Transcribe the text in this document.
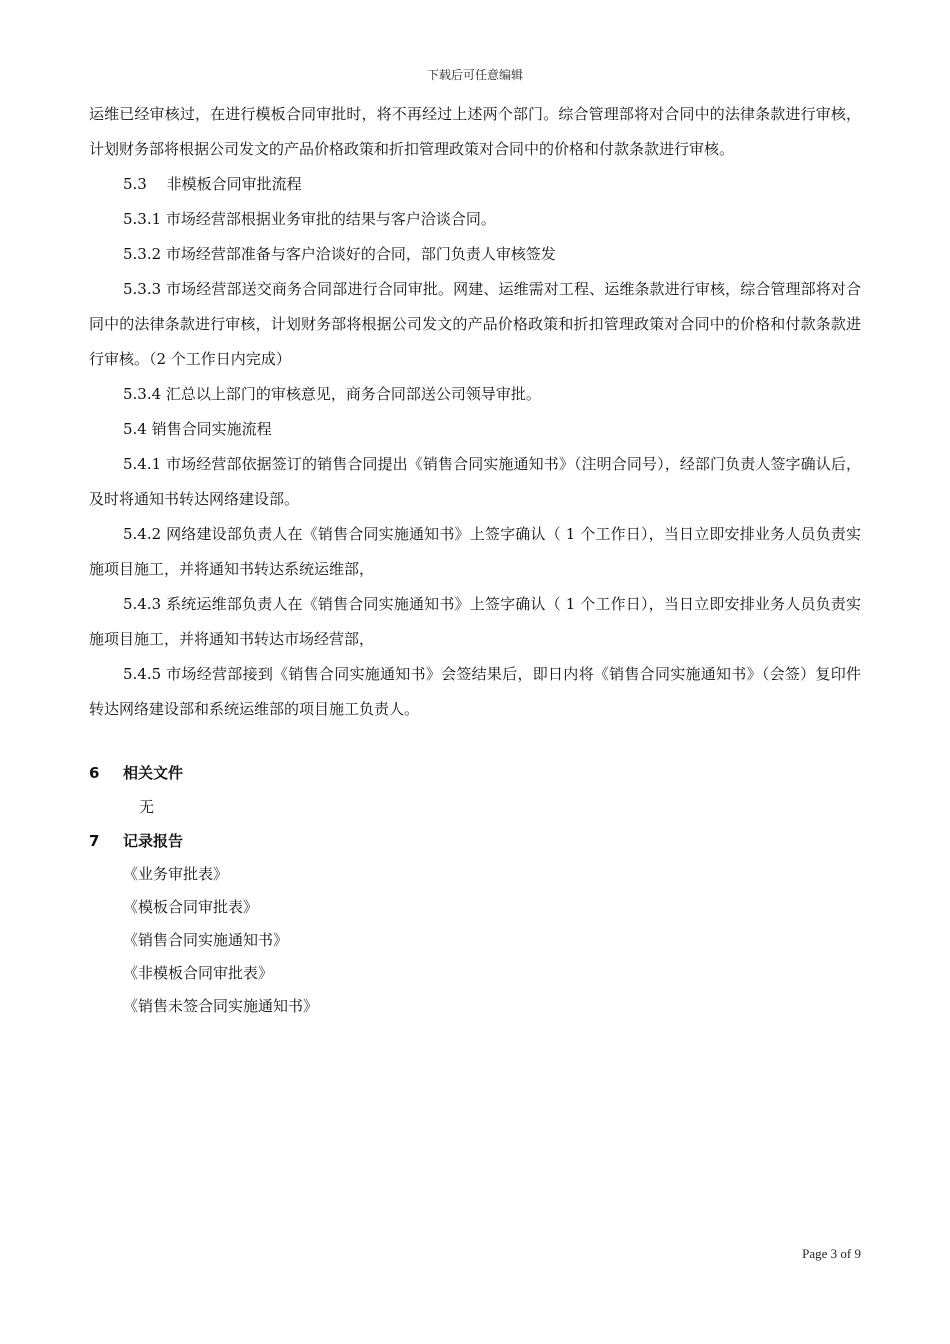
下载后可任意编辑

运维已经审核过，在进行模板合同审批时，将不再经过上述两个部门。综合管理部将对合同中的法律条款进行审核，计划财务部将根据公司发文的产品价格政策和折扣管理政策对合同中的价格和付款条款进行审核。

5.3　 非模板合同审批流程

5.3.1 市场经营部根据业务审批的结果与客户洽谈合同。

5.3.2 市场经营部准备与客户洽谈好的合同，部门负责人审核签发

5.3.3 市场经营部送交商务合同部进行合同审批。网建、运维需对工程、运维条款进行审核，综合管理部将对合同中的法律条款进行审核，计划财务部将根据公司发文的产品价格政策和折扣管理政策对合同中的价格和付款条款进行审核。（2 个工作日内完成）

5.3.4 汇总以上部门的审核意见，商务合同部送公司领导审批。

5.4 销售合同实施流程

5.4.1 市场经营部依据签订的销售合同提出《销售合同实施通知书》（注明合同号），经部门负责人签字确认后，及时将通知书转达网络建设部。

5.4.2 网络建设部负责人在《销售合同实施通知书》上签字确认（ 1 个工作日），当日立即安排业务人员负责实施项目施工，并将通知书转达系统运维部，

5.4.3 系统运维部负责人在《销售合同实施通知书》上签字确认（ 1 个工作日），当日立即安排业务人员负责实施项目施工，并将通知书转达市场经营部，

5.4.5 市场经营部接到《销售合同实施通知书》会签结果后，即日内将《销售合同实施通知书》（会签）复印件转达网络建设部和系统运维部的项目施工负责人。

6	相关文件
无
7	记录报告
《业务审批表》
《模板合同审批表》
《销售合同实施通知书》
《非模板合同审批表》
《销售未签合同实施通知书》
Page 3 of 9
